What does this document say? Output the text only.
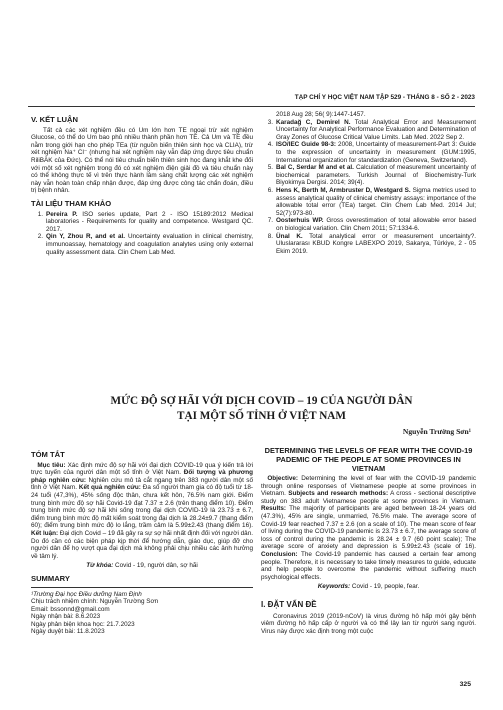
TẠP CHÍ Y HỌC VIỆT NAM TẬP 529 - THÁNG 8 - SỐ 2 - 2023
V. KẾT LUẬN

Tất cả các xét nghiệm đều có Um lớn hơn TE ngoại trừ xét nghiệm Glucose, có thể do Um bao phủ nhiều thành phần hơn TE. Cả Um và TE đều nằm trong giới hạn cho phép TEa (từ nguồn biến thiên sinh học và CLIA), trừ xét nghiệm Na⁺ Cl⁻ (nhưng hai xét nghiệm này vẫn đáp ứng được tiêu chuẩn RiliBÄK của Đức). Có thể nói tiêu chuẩn biến thiên sinh học đang khắt khe đối với một số xét nghiệm trong đó có xét nghiệm điện giải đồ và tiêu chuẩn này có thể không thực tế vì trên thực hành lâm sàng chất lượng các xét nghiệm này vẫn hoàn toàn chấp nhận được, đáp ứng được công tác chẩn đoán, điều trị bệnh nhân.

TÀI LIỆU THAM KHẢO
1. Pereira P. ISO series update, Part 2 - ISO 15189:2012 Medical laboratories - Requirements for quality and competence. Westgard QC. 2017.
2. Qin Y, Zhou R, and et al. Uncertainty evaluation in clinical chemistry, immunoassay, hematology and coagulation analytes using only external quality assessment data. Clin Chem Lab Med.
2018 Aug 28; 56( 9):1447-1457.
3. Karadağ C, Demirel N. Total Analytical Error and Measurement Uncertainty for Analytical Performance Evaluation and Determination of Gray Zones of Glucose Critical Value Limits. Lab Med. 2022 Sep 2.
4. ISO/IEC Guide 98-3: 2008, Uncertainty of measurement-Part 3: Guide to the expression of uncertainty in measurement (GUM:1995, International organization for standardization (Geneva, Switzerland).
5. Bal C, Serdar M and et al. Calculation of measurement uncertainty of biochemical parameters. Turkish Journal of Biochemistry-Turk Biyokimya Dergisi. 2014; 39(4).
6. Hens K, Berth M, Armbruster D, Westgard S. Sigma metrics used to assess analytical quality of clinical chemistry assays: importance of the allowable total error (TEa) target. Clin Chem Lab Med. 2014 Jul; 52(7):973-80.
7. Oosterhuis WP. Gross overestimation of total allowable error based on biological variation. Clin Chem 2011; 57:1334-6.
8. Ünal K. Total analytical error or measurement uncertainty?. Uluslararası KBUD Kongre LABEXPO 2019, Sakarya, Türkiye, 2 - 05 Ekim 2019.
MỨC ĐỘ SỢ HÃI VỚI DỊCH COVID – 19 CỦA NGƯỜI DÂN
TẠI MỘT SỐ TỈNH Ở VIỆT NAM
Nguyễn Trường Sơn¹
TÓM TẮT

 Mục tiêu: Xác định mức độ sợ hãi với đại dịch COVID-19 qua ý kiến trả lời trực tuyến của người dân một số tỉnh ở Việt Nam. Đối tượng và phương pháp nghiên cứu: Nghiên cứu mô tả cắt ngang trên 383 người dân một số tỉnh ở Việt Nam. Kết quả nghiên cứu: Đa số người tham gia có độ tuổi từ 18-24 tuổi (47,3%), 45% sống độc thân, chưa kết hôn, 76.5% nam giới. Điểm trung bình mức độ sợ hãi Covid-19 đạt 7.37 ± 2.6 (trên thang điểm 10). Điểm trung bình mức độ sợ hãi khi sống trong đại dịch COVID-19 là 23.73 ± 6.7, điểm trung bình mức độ mất kiểm soát trong đại dịch là 28.24±9.7 (thang điểm 60); điểm trung bình mức độ lo lắng, trầm cảm là 5.99±2.43 (thang điểm 16). Kết luận: Đại dịch Covid – 19 đã gây ra sự sợ hãi nhất định đối với người dân. Do đó cần có các biện pháp kịp thời để hướng dẫn, giáo dục, giúp đỡ cho người dân để họ vượt qua đại dịch mà không phải chịu nhiều các ảnh hưởng về tâm lý.

Từ khóa: Covid - 19, người dân, sợ hãi
SUMMARY
¹Trường Đại học Điều dưỡng Nam Định
Chịu trách nhiệm chính: Nguyễn Trường Sơn
Email: bssonnd@gmail.com
Ngày nhận bài: 8.6.2023
Ngày phản biện khoa học: 21.7.2023
Ngày duyệt bài: 11.8.2023
DETERMINING THE LEVELS OF FEAR WITH THE COVID-19 PADEMIC OF THE PEOPLE AT SOME PROVINCES IN VIETNAM

 Objective: Determining the level of fear with the COVID-19 pandemic through online responses of Vietnamese people at some provinces in Vietnam. Subjects and research methods: A cross - sectional descriptive study on 383 adult Vietnamese people at some provinces in Vietnam. Results: The majority of participants are aged between 18-24 years old (47.3%), 45% are single, unmarried, 76.5% male. The average score of Covid-19 fear reached 7.37 ± 2.6 (on a scale of 10). The mean score of fear of living during the COVID-19 pandemic is 23.73 ± 6.7, the average score of loss of control during the pandemic is 28.24 ± 9.7 (60 point scale); The average score of anxiety and depression is 5.99±2.43 (scale of 16). Conclusion: The Covid-19 pandemic has caused a certain fear among people. Therefore, it is necessary to take timely measures to guide, educate and help people to overcome the pandemic without suffering much psychological effects.

Keywords: Covid - 19, people, fear.
I. ĐẶT VẤN ĐỀ

Coronavirus 2019 (2019-nCoV) là virus đường hô hấp mới gây bệnh viêm đường hô hấp cấp ở người và có thể lây lan từ người sang người. Virus này được xác định trong một cuộc

325
